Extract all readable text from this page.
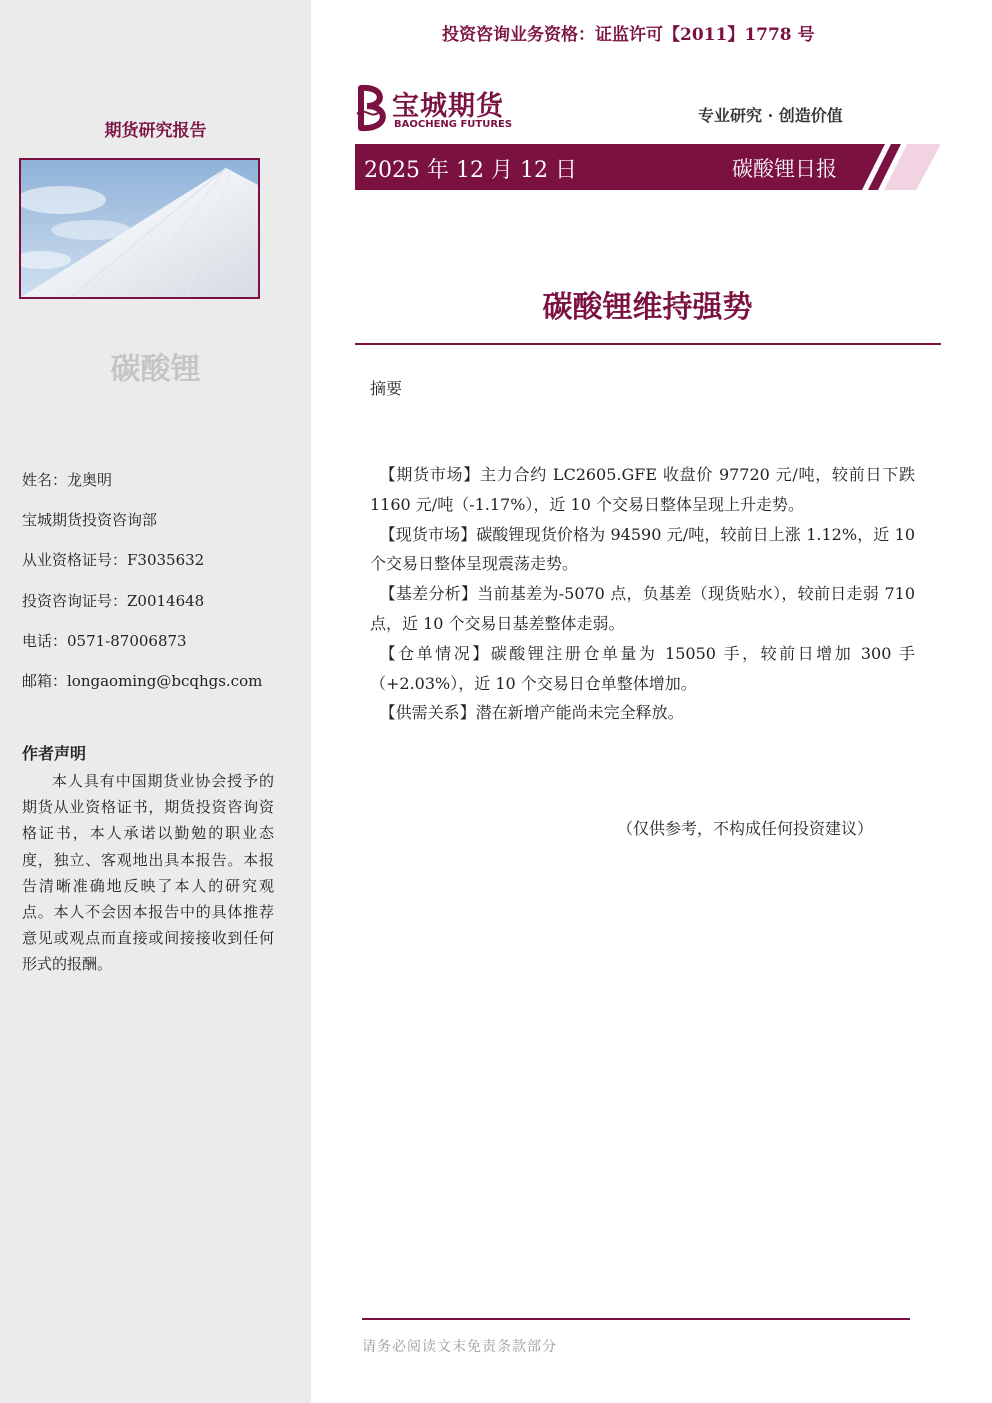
期货研究报告
碳酸锂
姓名：龙奥明
宝城期货投资咨询部
从业资格证号：F3035632
投资咨询证号：Z0014648
电话：0571-87006873
邮箱：longaoming@bcqhgs.com
作者声明
本人具有中国期货业协会授予的期货从业资格证书，期货投资咨询资格证书，本人承诺以勤勉的职业态度，独立、客观地出具本报告。本报告清晰准确地反映了本人的研究观点。本人不会因本报告中的具体推荐意见或观点而直接或间接接收到任何形式的报酬。
投资咨询业务资格：证监许可【2011】1778 号
宝城期货
BAOCHENG FUTURES	专业研究 · 创造价值
2025 年 12 月 12 日	碳酸锂日报
碳酸锂维持强势
摘要

【期货市场】主力合约 LC2605.GFE 收盘价 97720 元/吨，较前日下跌 1160 元/吨（-1.17%），近 10 个交易日整体呈现上升走势。

【现货市场】碳酸锂现货价格为 94590 元/吨，较前日上涨 1.12%，近 10 个交易日整体呈现震荡走势。

【基差分析】当前基差为-5070 点，负基差（现货贴水），较前日走弱 710 点，近 10 个交易日基差整体走弱。

【仓单情况】碳酸锂注册仓单量为 15050 手，较前日增加 300 手（+2.03%），近 10 个交易日仓单整体增加。

【供需关系】潜在新增产能尚未完全释放。

（仅供参考，不构成任何投资建议）
请务必阅读文末免责条款部分
